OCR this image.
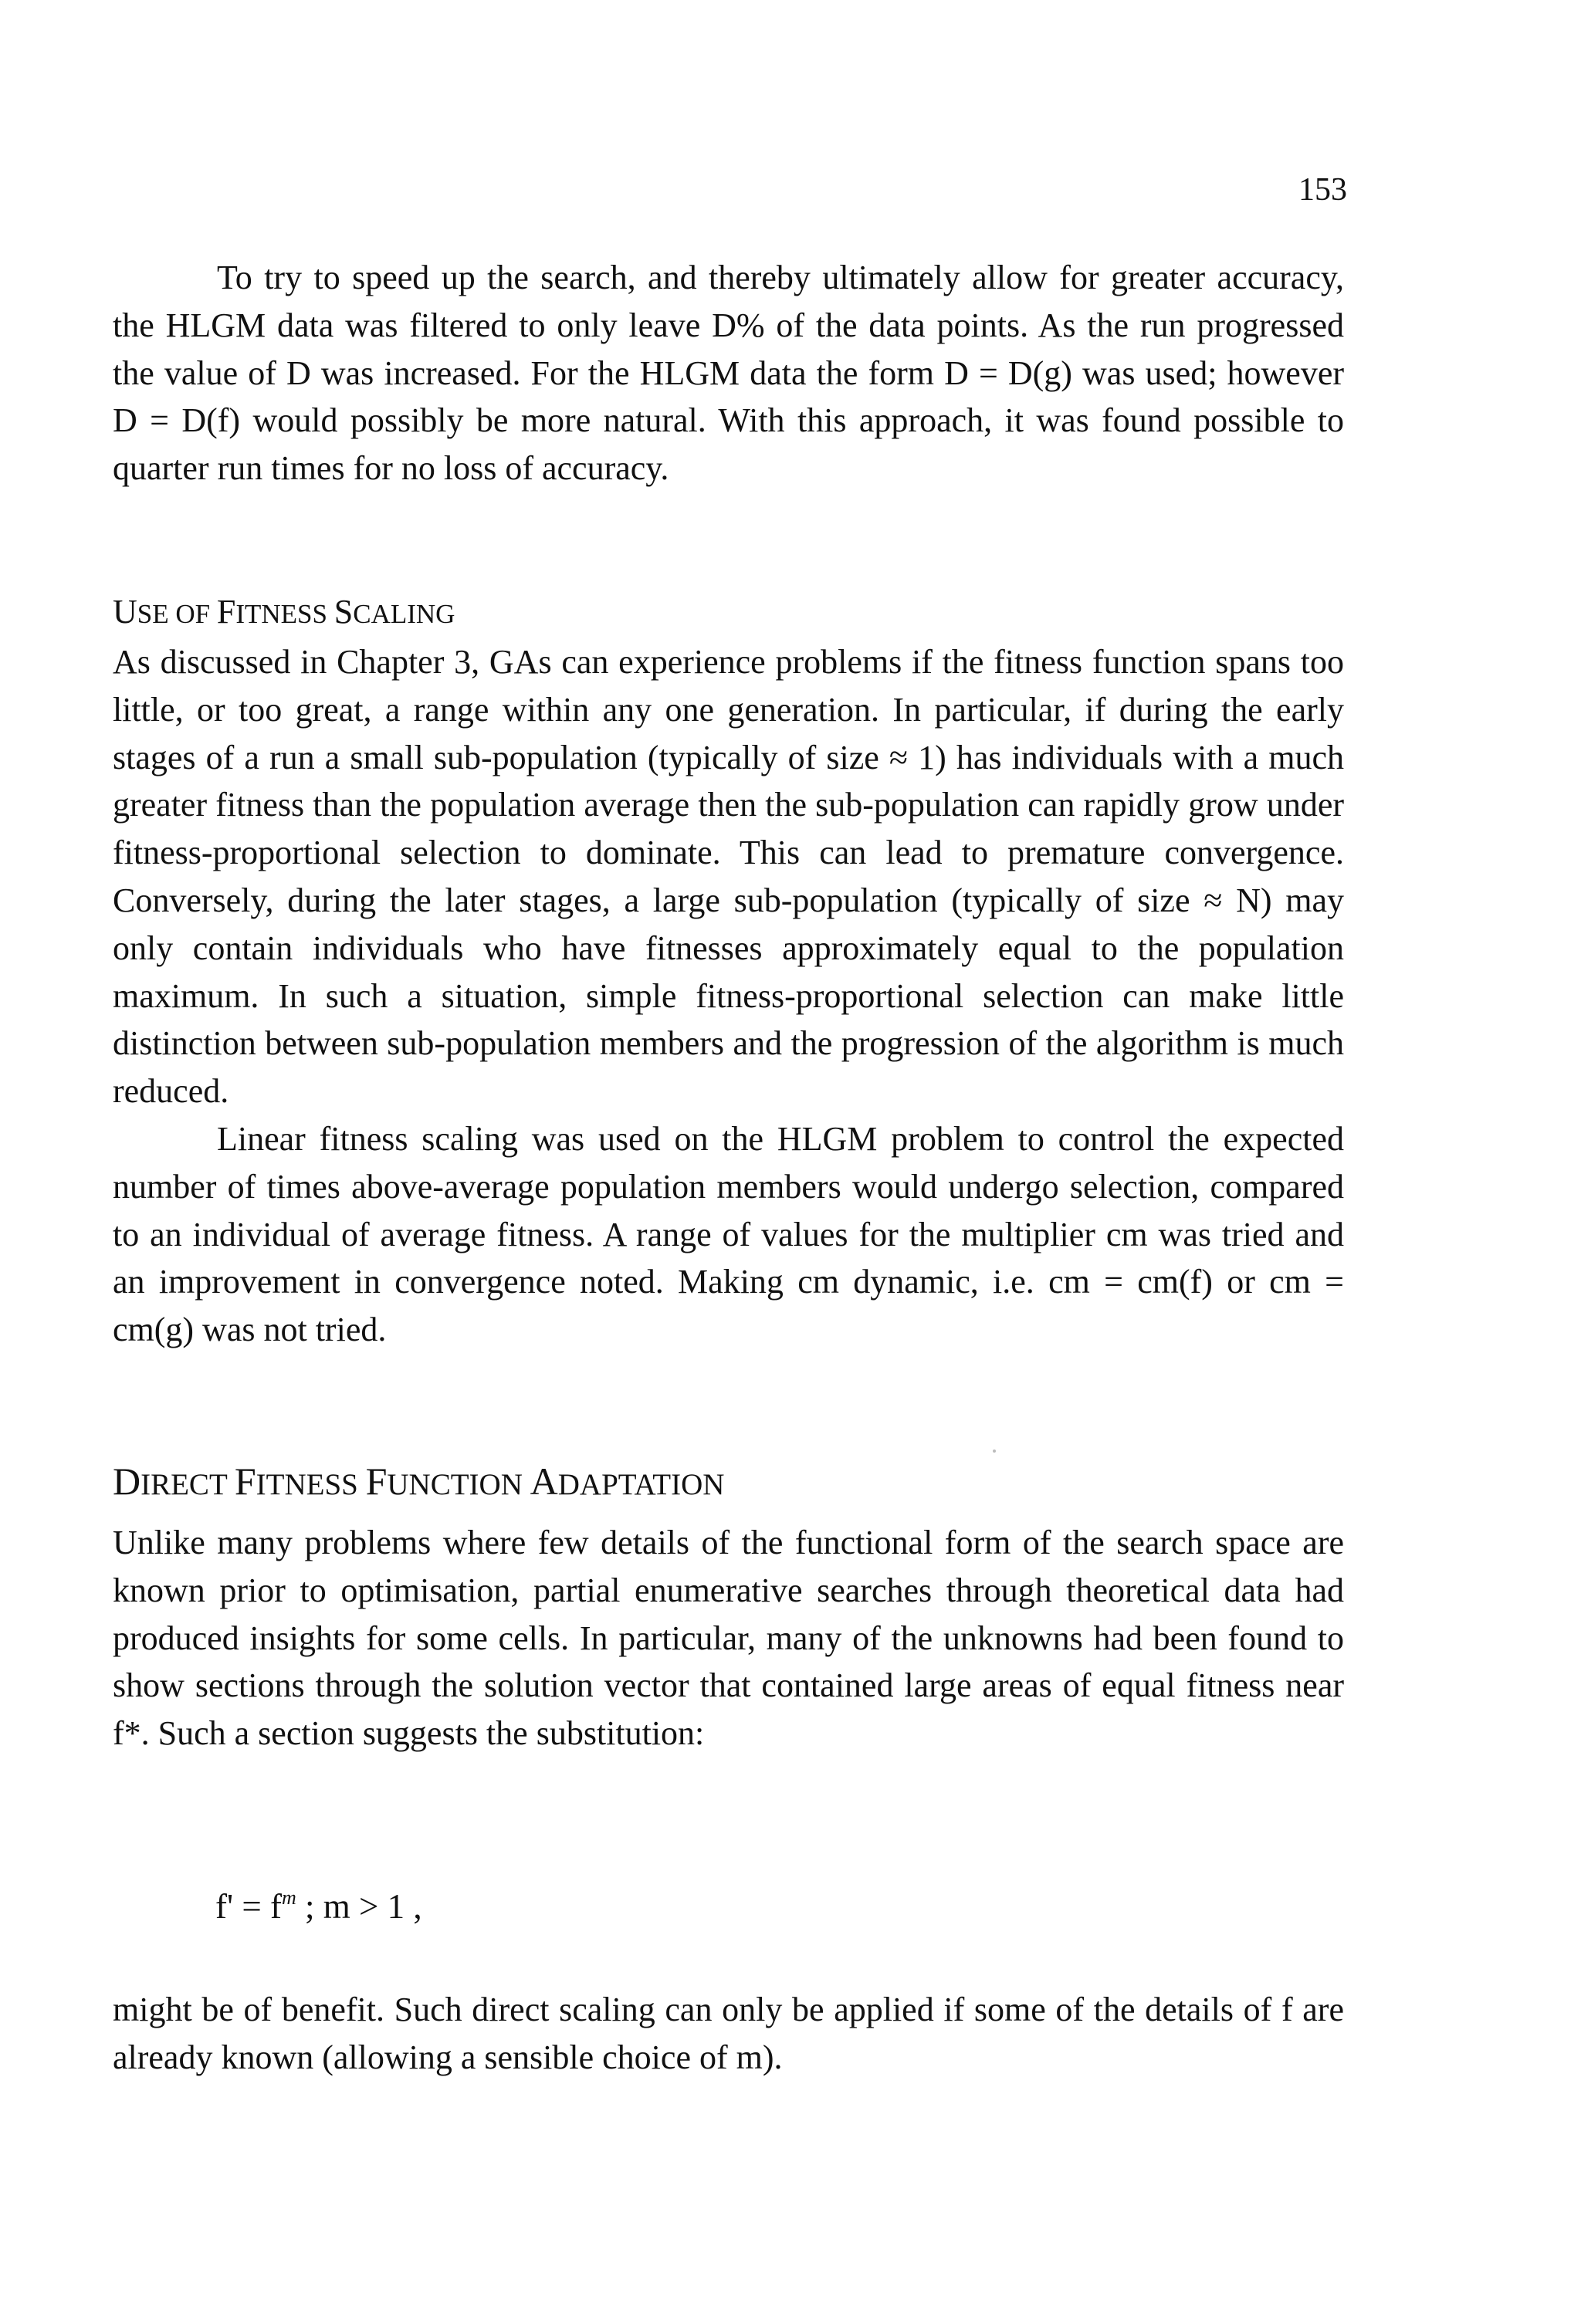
153

To try to speed up the search, and thereby ultimately allow for greater accuracy, the HLGM data was filtered to only leave D% of the data points. As the run progressed the value of D was increased. For the HLGM data the form D = D(g) was used; however D = D(f) would possibly be more natural. With this approach, it was found possible to quarter run times for no loss of accuracy.

USE OF FITNESS SCALING

As discussed in Chapter 3, GAs can experience problems if the fitness function spans too little, or too great, a range within any one generation. In particular, if during the early stages of a run a small sub-population (typically of size ≈ 1) has individuals with a much greater fitness than the population average then the sub-population can rapidly grow under fitness-proportional selection to dominate. This can lead to premature convergence. Conversely, during the later stages, a large sub-population (typically of size ≈ N) may only contain individuals who have fitnesses approximately equal to the population maximum. In such a situation, simple fitness-proportional selection can make little distinction between sub-population members and the progression of the algorithm is much reduced.

Linear fitness scaling was used on the HLGM problem to control the expected number of times above-average population members would undergo selection, compared to an individual of average fitness. A range of values for the multiplier cm was tried and an improvement in convergence noted. Making cm dynamic, i.e. cm = cm(f) or cm = cm(g) was not tried.

DIRECT FITNESS FUNCTION ADAPTATION

Unlike many problems where few details of the functional form of the search space are known prior to optimisation, partial enumerative searches through theoretical data had produced insights for some cells. In particular, many of the unknowns had been found to show sections through the solution vector that contained large areas of equal fitness near f*. Such a section suggests the substitution:

$f' = f^m$ ; m > 1 ,

might be of benefit. Such direct scaling can only be applied if some of the details of f are already known (allowing a sensible choice of m).
